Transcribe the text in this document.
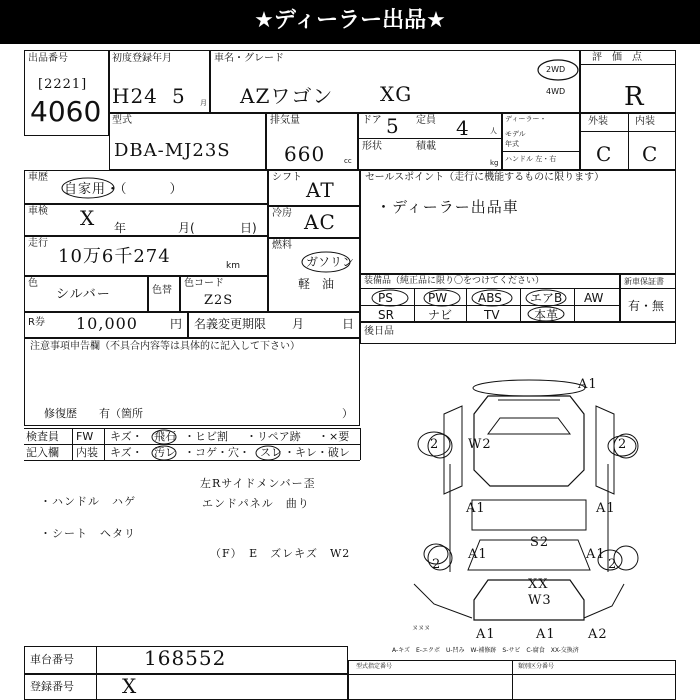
★ディーラー出品★
出品番号
[2221]
4060
初度登録年月
H24 5 月
車名・グレード
AZワゴン XG
2WD
4WD
評　価　点
R
型式
DBA-MJ23S
排気量
660	cc
ドア 5 定員 4	人
形状	積載
kg
ディーラー・
モデル
年式
ハンドル 左・右
外装	内装
C C
車歴
自家用・（　　　）
車検 X 年	月(	日)
走行
10万6千274	km
色
シルバー	色替
色コード
Z2S
シフト
AT
冷房 AC
燃料
ガソリン
軽　油
セールスポイント（走行に機能するものに限ります）
・ディーラー出品車
装備品（純正品に限り〇をつけてください）
PS	PW	ABS エアB AW
SR	ナビ	TV	本革
新車保証書
有・無
R券 10,000	円 名義変更期限 月	日
後日品
注意事項申告欄（不具合内容等は具体的に記入して下さい）
修復歴　　有（箇所	）
検査員
記入欄
FW キズ・ 飛石 ・ヒビ割 ・リペア跡 ・×要
内装 キズ・ 汚レ ・コゲ・穴・ スレ ・キレ・破レ
・ハンドル　ハゲ
・シート　ヘタリ
左Rサイドメンバー歪
エンドパネル　曲り
（F）　E　ズレキズ　W2
A1
2 W2	2
A1	A1
A1	A1
S2
XX
W3
2	2
A1	A1 A2
ヌヌヌ
A-キズ　E-エクボ　U-凹み　W-補修跡　S-サビ　C-腐食　XX-交換済
車台番号	168552
登録番号 X
型式指定番号	類別区分番号
